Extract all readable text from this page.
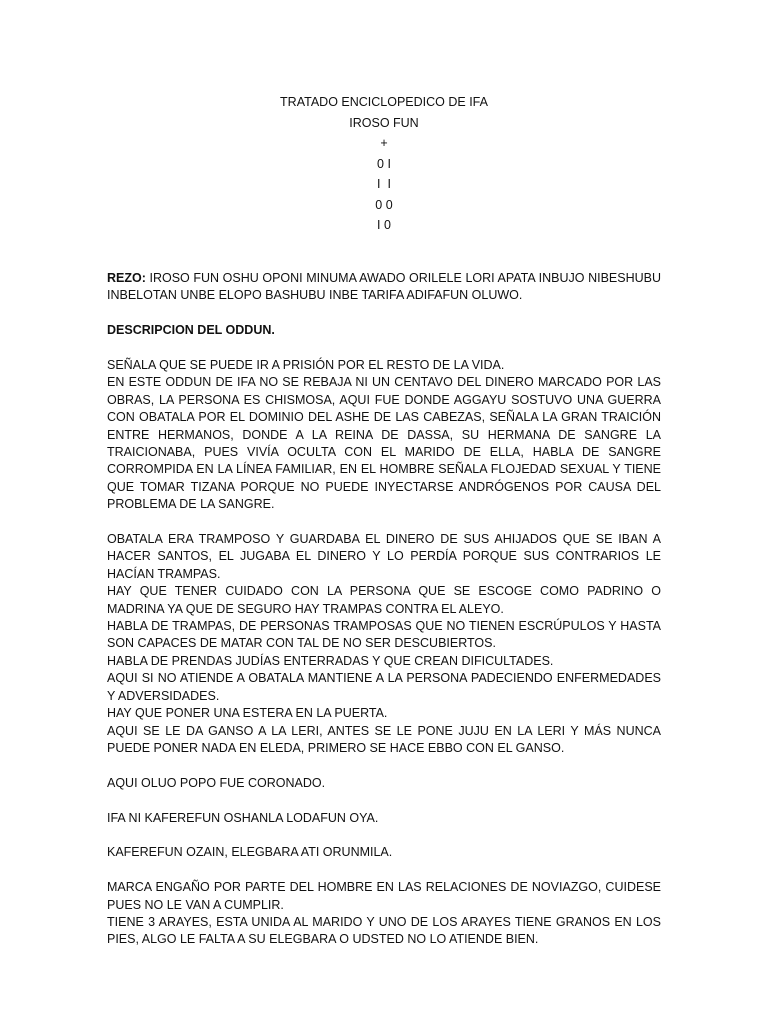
TRATADO ENCICLOPEDICO DE IFA
IROSO FUN
+
0 I
I  I
0 0
I 0

REZO: IROSO FUN OSHU OPONI MINUMA AWADO ORILELE LORI APATA INBUJO NIBESHUBU INBELOTAN UNBE ELOPO BASHUBU INBE TARIFA ADIFAFUN OLUWO.

DESCRIPCION DEL ODDUN.

SEÑALA QUE SE PUEDE IR A PRISIÓN POR EL RESTO DE LA VIDA.

EN ESTE ODDUN DE IFA NO SE REBAJA NI UN CENTAVO DEL DINERO MARCADO POR LAS OBRAS, LA PERSONA ES CHISMOSA, AQUI FUE DONDE AGGAYU SOSTUVO UNA GUERRA CON OBATALA POR EL DOMINIO DEL ASHE DE LAS CABEZAS, SEÑALA LA GRAN TRAICIÓN ENTRE HERMANOS, DONDE A LA REINA DE DASSA, SU HERMANA DE SANGRE LA TRAICIONABA, PUES VIVÍA OCULTA CON EL MARIDO DE ELLA, HABLA DE SANGRE CORROMPIDA EN LA LÍNEA FAMILIAR, EN EL HOMBRE SEÑALA FLOJEDAD SEXUAL Y TIENE QUE TOMAR TIZANA PORQUE NO PUEDE INYECTARSE ANDRÓGENOS POR CAUSA DEL PROBLEMA DE LA SANGRE.

OBATALA ERA TRAMPOSO Y GUARDABA EL DINERO DE SUS AHIJADOS QUE SE IBAN A HACER SANTOS, EL JUGABA EL DINERO Y LO PERDÍA PORQUE SUS CONTRARIOS LE HACÍAN TRAMPAS.

HAY QUE TENER CUIDADO CON LA PERSONA QUE SE ESCOGE COMO PADRINO O MADRINA YA QUE DE SEGURO HAY TRAMPAS CONTRA EL ALEYO.

HABLA DE TRAMPAS, DE PERSONAS TRAMPOSAS QUE NO TIENEN ESCRÚPULOS Y HASTA SON CAPACES DE MATAR CON TAL DE NO SER DESCUBIERTOS.

HABLA DE PRENDAS JUDÍAS ENTERRADAS Y QUE CREAN DIFICULTADES.

AQUI SI NO ATIENDE A OBATALA MANTIENE A LA PERSONA PADECIENDO ENFERMEDADES Y ADVERSIDADES.

HAY QUE PONER UNA ESTERA EN LA PUERTA.

AQUI SE LE DA GANSO A LA LERI, ANTES SE LE PONE JUJU EN LA LERI Y MÁS NUNCA PUEDE PONER NADA EN ELEDA, PRIMERO SE HACE EBBO CON EL GANSO.

AQUI OLUO POPO FUE CORONADO.

IFA NI KAFEREFUN OSHANLA LODAFUN OYA.

KAFEREFUN OZAIN, ELEGBARA ATI ORUNMILA.

MARCA ENGAÑO POR PARTE DEL HOMBRE EN LAS RELACIONES DE NOVIAZGO, CUIDESE PUES NO LE VAN A CUMPLIR.

TIENE 3 ARAYES, ESTA UNIDA AL MARIDO Y UNO DE LOS ARAYES TIENE GRANOS EN LOS PIES, ALGO LE FALTA A SU ELEGBARA O UDSTED NO LO ATIENDE BIEN.
